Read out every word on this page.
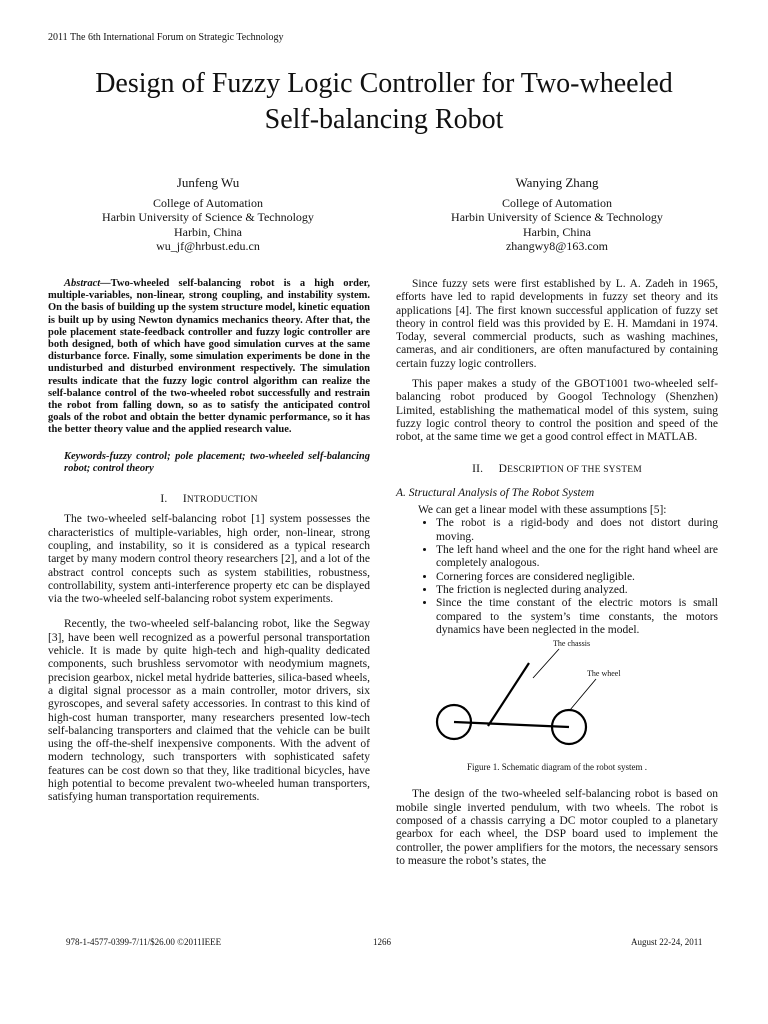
2011 The 6th International Forum on Strategic Technology
Design of Fuzzy Logic Controller for Two-wheeled
Self-balancing Robot
Junfeng Wu
College of Automation
Harbin University of Science & Technology
Harbin, China
wu_jf@hrbust.edu.cn
Wanying Zhang
College of Automation
Harbin University of Science & Technology
Harbin, China
zhangwy8@163.com

Abstract—Two-wheeled self-balancing robot is a high order, multiple-variables, non-linear, strong coupling, and instability system. On the basis of building up the system structure model, kinetic equation is built up by using Newton dynamics mechanics theory. After that, the pole placement state-feedback controller and fuzzy logic controller are both designed, both of which have good simulation curves at the same disturbance force. Finally, some simulation experiments be done in the undisturbed and disturbed environment respectively. The simulation results indicate that the fuzzy logic control algorithm can realize the self-balance control of the two-wheeled robot successfully and restrain the robot from falling down, so as to satisfy the anticipated control goals of the robot and obtain the better dynamic performance, so it has the better theory value and the applied research value.

Keywords-fuzzy control; pole placement; two-wheeled self-balancing robot; control theory

I. INTRODUCTION

The two-wheeled self-balancing robot [1] system possesses the characteristics of multiple-variables, high order, non-linear, strong coupling, and instability, so it is considered as a typical research target by many modern control theory researchers [2], and a lot of the abstract control concepts such as system stabilities, robustness, controllability, system anti-interference property etc can be displayed via the two-wheeled self-balancing robot system experiments.

Recently, the two-wheeled self-balancing robot, like the Segway [3], have been well recognized as a powerful personal transportation vehicle. It is made by quite high-tech and high-quality dedicated components, such brushless servomotor with neodymium magnets, precision gearbox, nickel metal hydride batteries, silica-based wheels, a digital signal processor as a main controller, motor drivers, six gyroscopes, and several safety accessories. In contrast to this kind of high-cost human transporter, many researchers presented low-tech self-balancing transporters and claimed that the vehicle can be built using the off-the-shelf inexpensive components. With the advent of modern technology, such transporters with sophisticated safety features can be cost down so that they, like traditional bicycles, have high potential to become prevalent two-wheeled human transporters, satisfying human transportation requirements.

Since fuzzy sets were first established by L. A. Zadeh in 1965, efforts have led to rapid developments in fuzzy set theory and its applications [4]. The first known successful application of fuzzy set theory in control field was this provided by E. H. Mamdani in 1974. Today, several commercial products, such as washing machines, cameras, and air conditioners, are often manufactured by containing certain fuzzy logic controllers.

This paper makes a study of the GBOT1001 two-wheeled self-balancing robot produced by Googol Technology (Shenzhen) Limited, establishing the mathematical model of this system, suing fuzzy logic control theory to control the position and speed of the robot, at the same time we get a good control effect in MATLAB.

II. DESCRIPTION OF THE SYSTEM
A. Structural Analysis of The Robot System

We can get a linear model with these assumptions [5]:

• The robot is a rigid-body and does not distort during moving.
• The left hand wheel and the one for the right hand wheel are completely analogous.
• Cornering forces are considered negligible.
• The friction is neglected during analyzed.
• Since the time constant of the electric motors is small compared to the system’s time constants, the motors dynamics have been neglected in the model.
The chassis
The wheel
Figure 1. Schematic diagram of the robot system .

The design of the two-wheeled self-balancing robot is based on mobile single inverted pendulum, with two wheels. The robot is composed of a chassis carrying a DC motor coupled to a planetary gearbox for each wheel, the DSP board used to implement the controller, the power amplifiers for the motors, the necessary sensors to measure the robot’s states, the

978-1-4577-0399-7/11/$26.00 ©2011IEEE	1266	August 22-24, 2011
